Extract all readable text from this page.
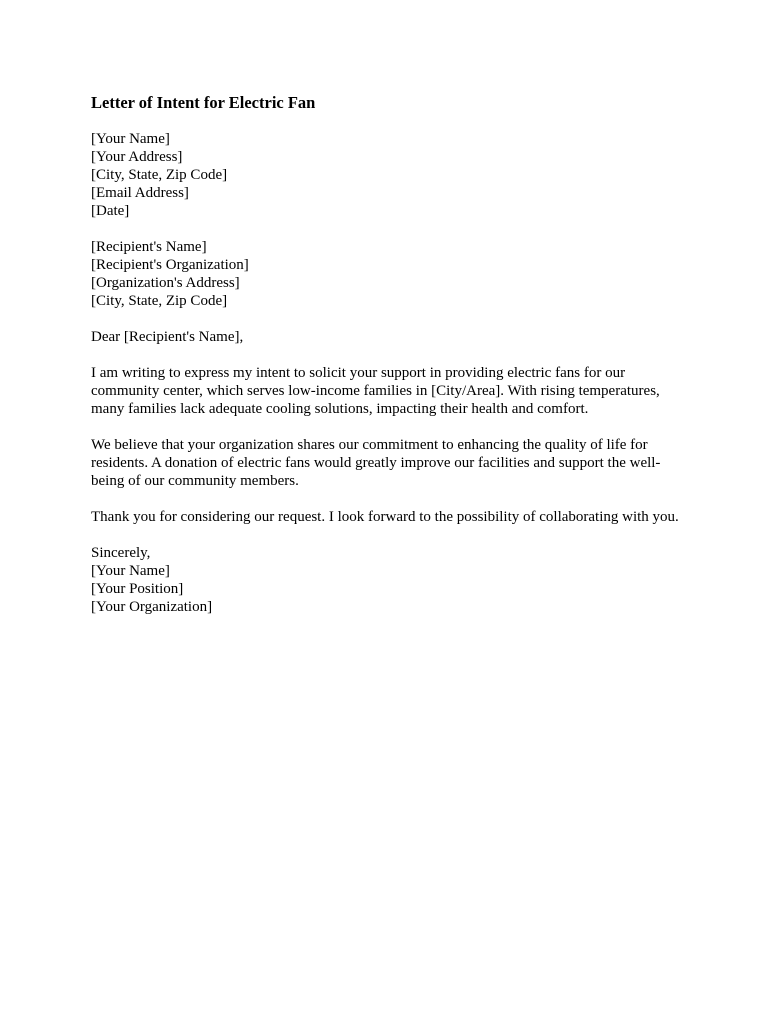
Letter of Intent for Electric Fan
[Your Name]
[Your Address]
[City, State, Zip Code]
[Email Address]
[Date]
[Recipient's Name]
[Recipient's Organization]
[Organization's Address]
[City, State, Zip Code]
Dear [Recipient's Name],
I am writing to express my intent to solicit your support in providing electric fans for our community center, which serves low-income families in [City/Area]. With rising temperatures, many families lack adequate cooling solutions, impacting their health and comfort.
We believe that your organization shares our commitment to enhancing the quality of life for residents. A donation of electric fans would greatly improve our facilities and support the well-being of our community members.
Thank you for considering our request. I look forward to the possibility of collaborating with you.
Sincerely,
[Your Name]
[Your Position]
[Your Organization]
